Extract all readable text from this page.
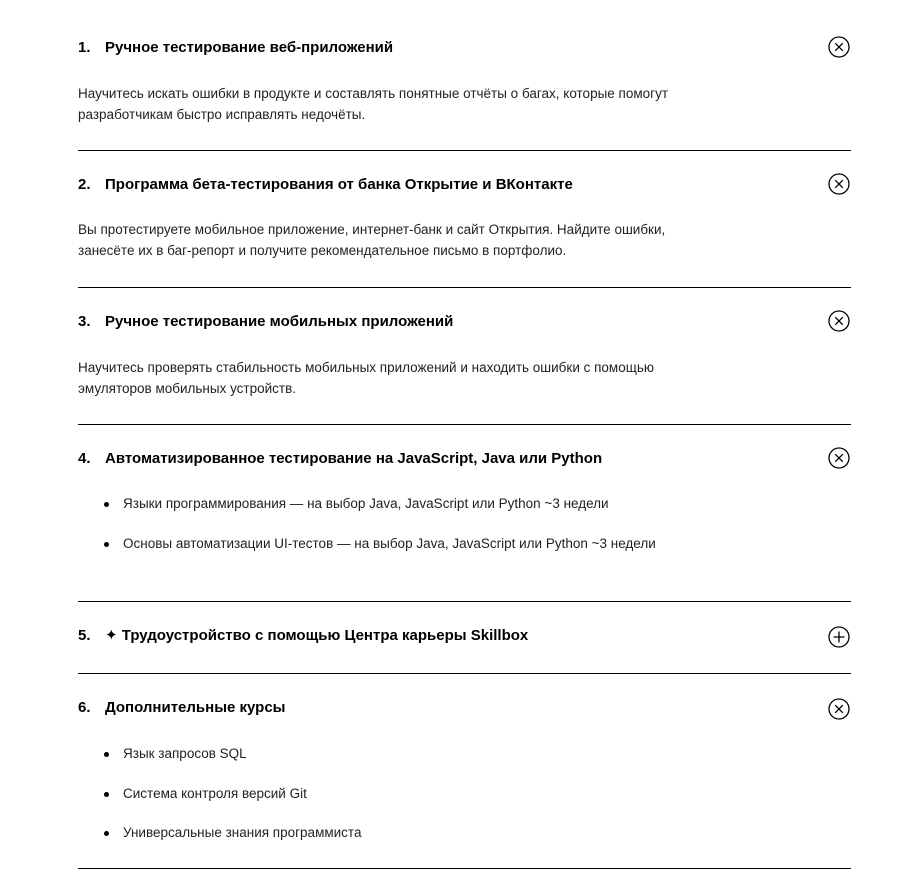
1. Ручное тестирование веб-приложений
Научитесь искать ошибки в продукте и составлять понятные отчёты о багах, которые помогут разработчикам быстро исправлять недочёты.
2. Программа бета-тестирования от банка Открытие и ВКонтакте
Вы протестируете мобильное приложение, интернет-банк и сайт Открытия. Найдите ошибки, занесёте их в баг-репорт и получите рекомендательное письмо в портфолио.
3. Ручное тестирование мобильных приложений
Научитесь проверять стабильность мобильных приложений и находить ошибки с помощью эмуляторов мобильных устройств.
4. Автоматизированное тестирование на JavaScript, Java или Python
Языки программирования — на выбор Java, JavaScript или Python ~3 недели
Основы автоматизации UI-тестов — на выбор Java, JavaScript или Python ~3 недели
5. ✦ Трудоустройство с помощью Центра карьеры Skillbox
6. Дополнительные курсы
Язык запросов SQL
Система контроля версий Git
Универсальные знания программиста
